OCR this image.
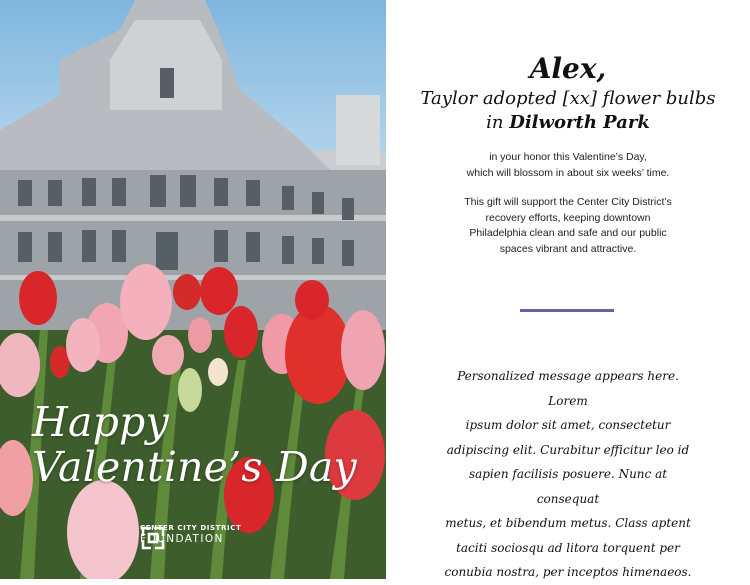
Happy
Valentine’s Day
CENTER CITY DISTRICT
FOUNDATION
Alex,
Taylor adopted [xx] flower bulbs
in Dilworth Park
in your honor this Valentine’s Day,
which will blossom in about six weeks’ time.
This gift will support the Center City District’s
recovery efforts, keeping downtown
Philadelphia clean and safe and our public
spaces vibrant and attractive.
Personalized message appears here. Lorem
ipsum dolor sit amet, consectetur
adipiscing elit. Curabitur efficitur leo id
sapien facilisis posuere. Nunc at consequat
metus, et bibendum metus. Class aptent
taciti sociosqu ad litora torquent per
conubia nostra, per inceptos himenaeos.
